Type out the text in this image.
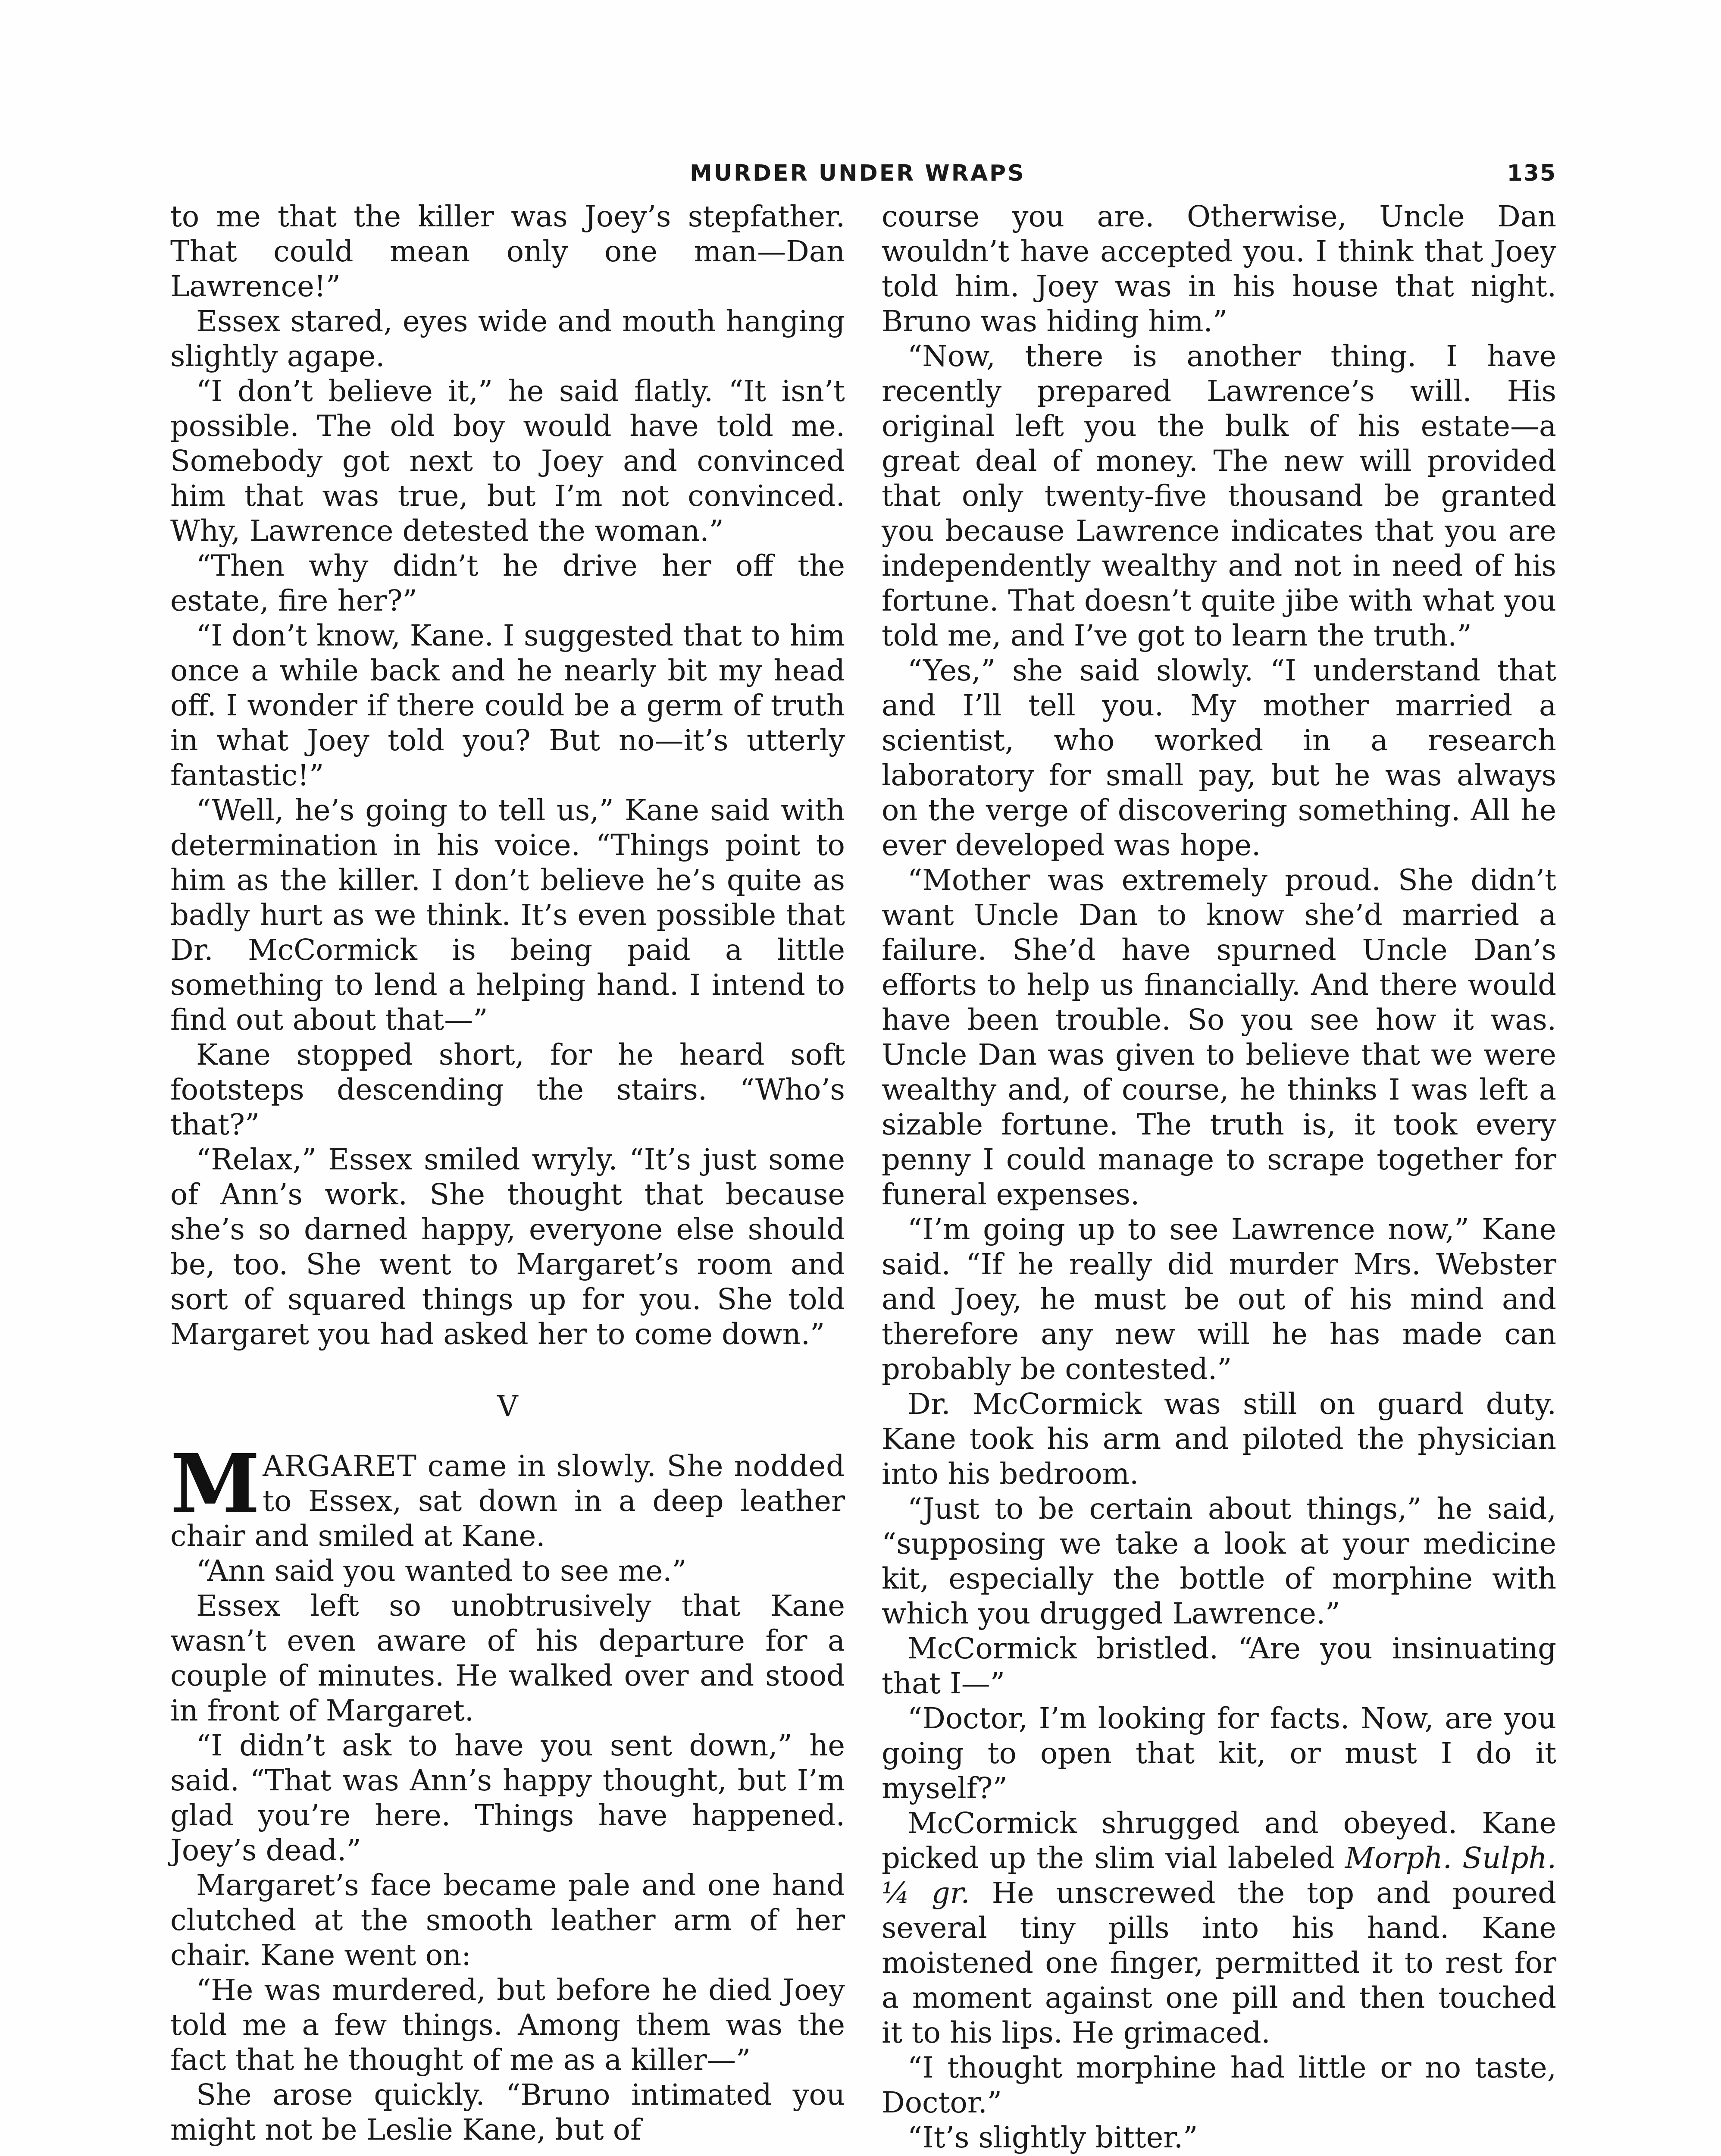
MURDER UNDER WRAPS	135

to me that the killer was Joey’s stepfather. That could mean only one man—Dan Lawrence!”

Essex stared, eyes wide and mouth hanging slightly agape.

“I don’t believe it,” he said flatly. “It isn’t possible. The old boy would have told me. Somebody got next to Joey and convinced him that was true, but I’m not convinced. Why, Lawrence detested the woman.”

“Then why didn’t he drive her off the estate, fire her?”

“I don’t know, Kane. I suggested that to him once a while back and he nearly bit my head off. I wonder if there could be a germ of truth in what Joey told you? But no—it’s utterly fantastic!”

“Well, he’s going to tell us,” Kane said with determination in his voice. “Things point to him as the killer. I don’t believe he’s quite as badly hurt as we think. It’s even possible that Dr. McCormick is being paid a little something to lend a helping hand. I intend to find out about that—”

Kane stopped short, for he heard soft footsteps descending the stairs. “Who’s that?”

“Relax,” Essex smiled wryly. “It’s just some of Ann’s work. She thought that because she’s so darned happy, everyone else should be, too. She went to Margaret’s room and sort of squared things up for you. She told Margaret you had asked her to come down.”

V

MARGARET came in slowly. She nodded to Essex, sat down in a deep leather chair and smiled at Kane.

“Ann said you wanted to see me.”

Essex left so unobtrusively that Kane wasn’t even aware of his departure for a couple of minutes. He walked over and stood in front of Margaret.

“I didn’t ask to have you sent down,” he said. “That was Ann’s happy thought, but I’m glad you’re here. Things have happened. Joey’s dead.”

Margaret’s face became pale and one hand clutched at the smooth leather arm of her chair. Kane went on:

“He was murdered, but before he died Joey told me a few things. Among them was the fact that he thought of me as a killer—”

She arose quickly. “Bruno intimated you might not be Leslie Kane, but of

course you are. Otherwise, Uncle Dan wouldn’t have accepted you. I think that Joey told him. Joey was in his house that night. Bruno was hiding him.”

“Now, there is another thing. I have recently prepared Lawrence’s will. His original left you the bulk of his estate—a great deal of money. The new will provided that only twenty-five thousand be granted you because Lawrence indicates that you are independently wealthy and not in need of his fortune. That doesn’t quite jibe with what you told me, and I’ve got to learn the truth.”

“Yes,” she said slowly. “I understand that and I’ll tell you. My mother married a scientist, who worked in a research laboratory for small pay, but he was always on the verge of discovering something. All he ever developed was hope.

“Mother was extremely proud. She didn’t want Uncle Dan to know she’d married a failure. She’d have spurned Uncle Dan’s efforts to help us financially. And there would have been trouble. So you see how it was. Uncle Dan was given to believe that we were wealthy and, of course, he thinks I was left a sizable fortune. The truth is, it took every penny I could manage to scrape together for funeral expenses.

“I’m going up to see Lawrence now,” Kane said. “If he really did murder Mrs. Webster and Joey, he must be out of his mind and therefore any new will he has made can probably be contested.”

Dr. McCormick was still on guard duty. Kane took his arm and piloted the physician into his bedroom.

“Just to be certain about things,” he said, “supposing we take a look at your medicine kit, especially the bottle of morphine with which you drugged Lawrence.”

McCormick bristled. “Are you insinuating that I—”

“Doctor, I’m looking for facts. Now, are you going to open that kit, or must I do it myself?”

McCormick shrugged and obeyed. Kane picked up the slim vial labeled Morph. Sulph. ¼ gr. He unscrewed the top and poured several tiny pills into his hand. Kane moistened one finger, permitted it to rest for a moment against one pill and then touched it to his lips. He grimaced.

“I thought morphine had little or no taste, Doctor.”

“It’s slightly bitter.”
